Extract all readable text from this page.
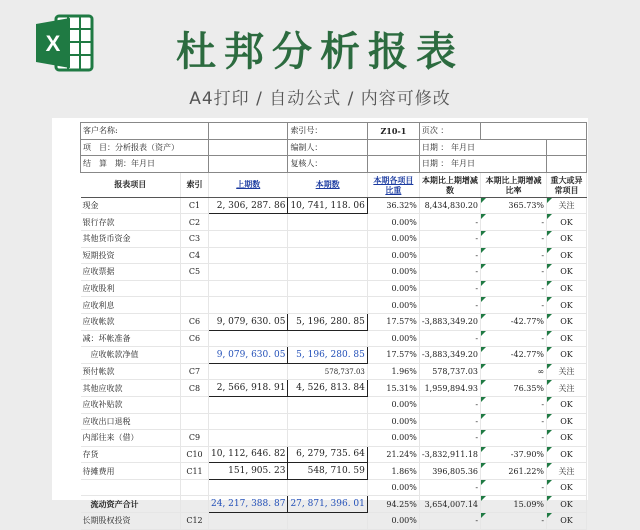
X	杜邦分析报表
A4打印 / 自动公式 / 内容可修改
客户名称:			索引号：	Z10-1	页次 ：		
项　目：分析报表（资产）			编制人：		日期 ： 年月日		
结　算　期：年月日			复核人：		日期 ： 年月日		
报表项目	索引	上期数	本期数	本期各项目比重	本期比上期增减数	本期比上期增减比率	重大或异常项目
现金	C1	2, 306, 287. 86	10, 741, 118. 06	36.32%	8,434,830.20	365.73%	关注
银行存款	C2			0.00%	-	-	OK
其他货币资金	C3			0.00%	-	-	OK
短期投资	C4			0.00%	-	-	OK
应收票据	C5			0.00%	-	-	OK
应收股利				0.00%	-	-	OK
应收利息				0.00%	-	-	OK
应收帐款	C6	9, 079, 630. 05	5, 196, 280. 85	17.57%	-3,883,349.20	-42.77%	OK
减：坏帐准备	C6			0.00%	-	-	OK
　应收帐款净值		9, 079, 630. 05	5, 196, 280. 85	17.57%	-3,883,349.20	-42.77%	OK
预付帐款	C7		578,737.03	1.96%	578,737.03	∞	关注
其他应收款	C8	2, 566, 918. 91	4, 526, 813. 84	15.31%	1,959,894.93	76.35%	关注
应收补贴款				0.00%	-	-	OK
应收出口退税				0.00%	-	-	OK
内部往来（借）	C9			0.00%	-	-	OK
存货	C10	10, 112, 646. 82	6, 279, 735. 64	21.24%	-3,832,911.18	-37.90%	OK
待摊费用	C11	151, 905. 23	548, 710. 59	1.86%	396,805.36	261.22%	关注
				0.00%	-	-	OK
　流动资产合计		24, 217, 388. 87	27, 871, 396. 01	94.25%	3,654,007.14	15.09%	OK
长期股权投资	C12			0.00%	-	-	OK
